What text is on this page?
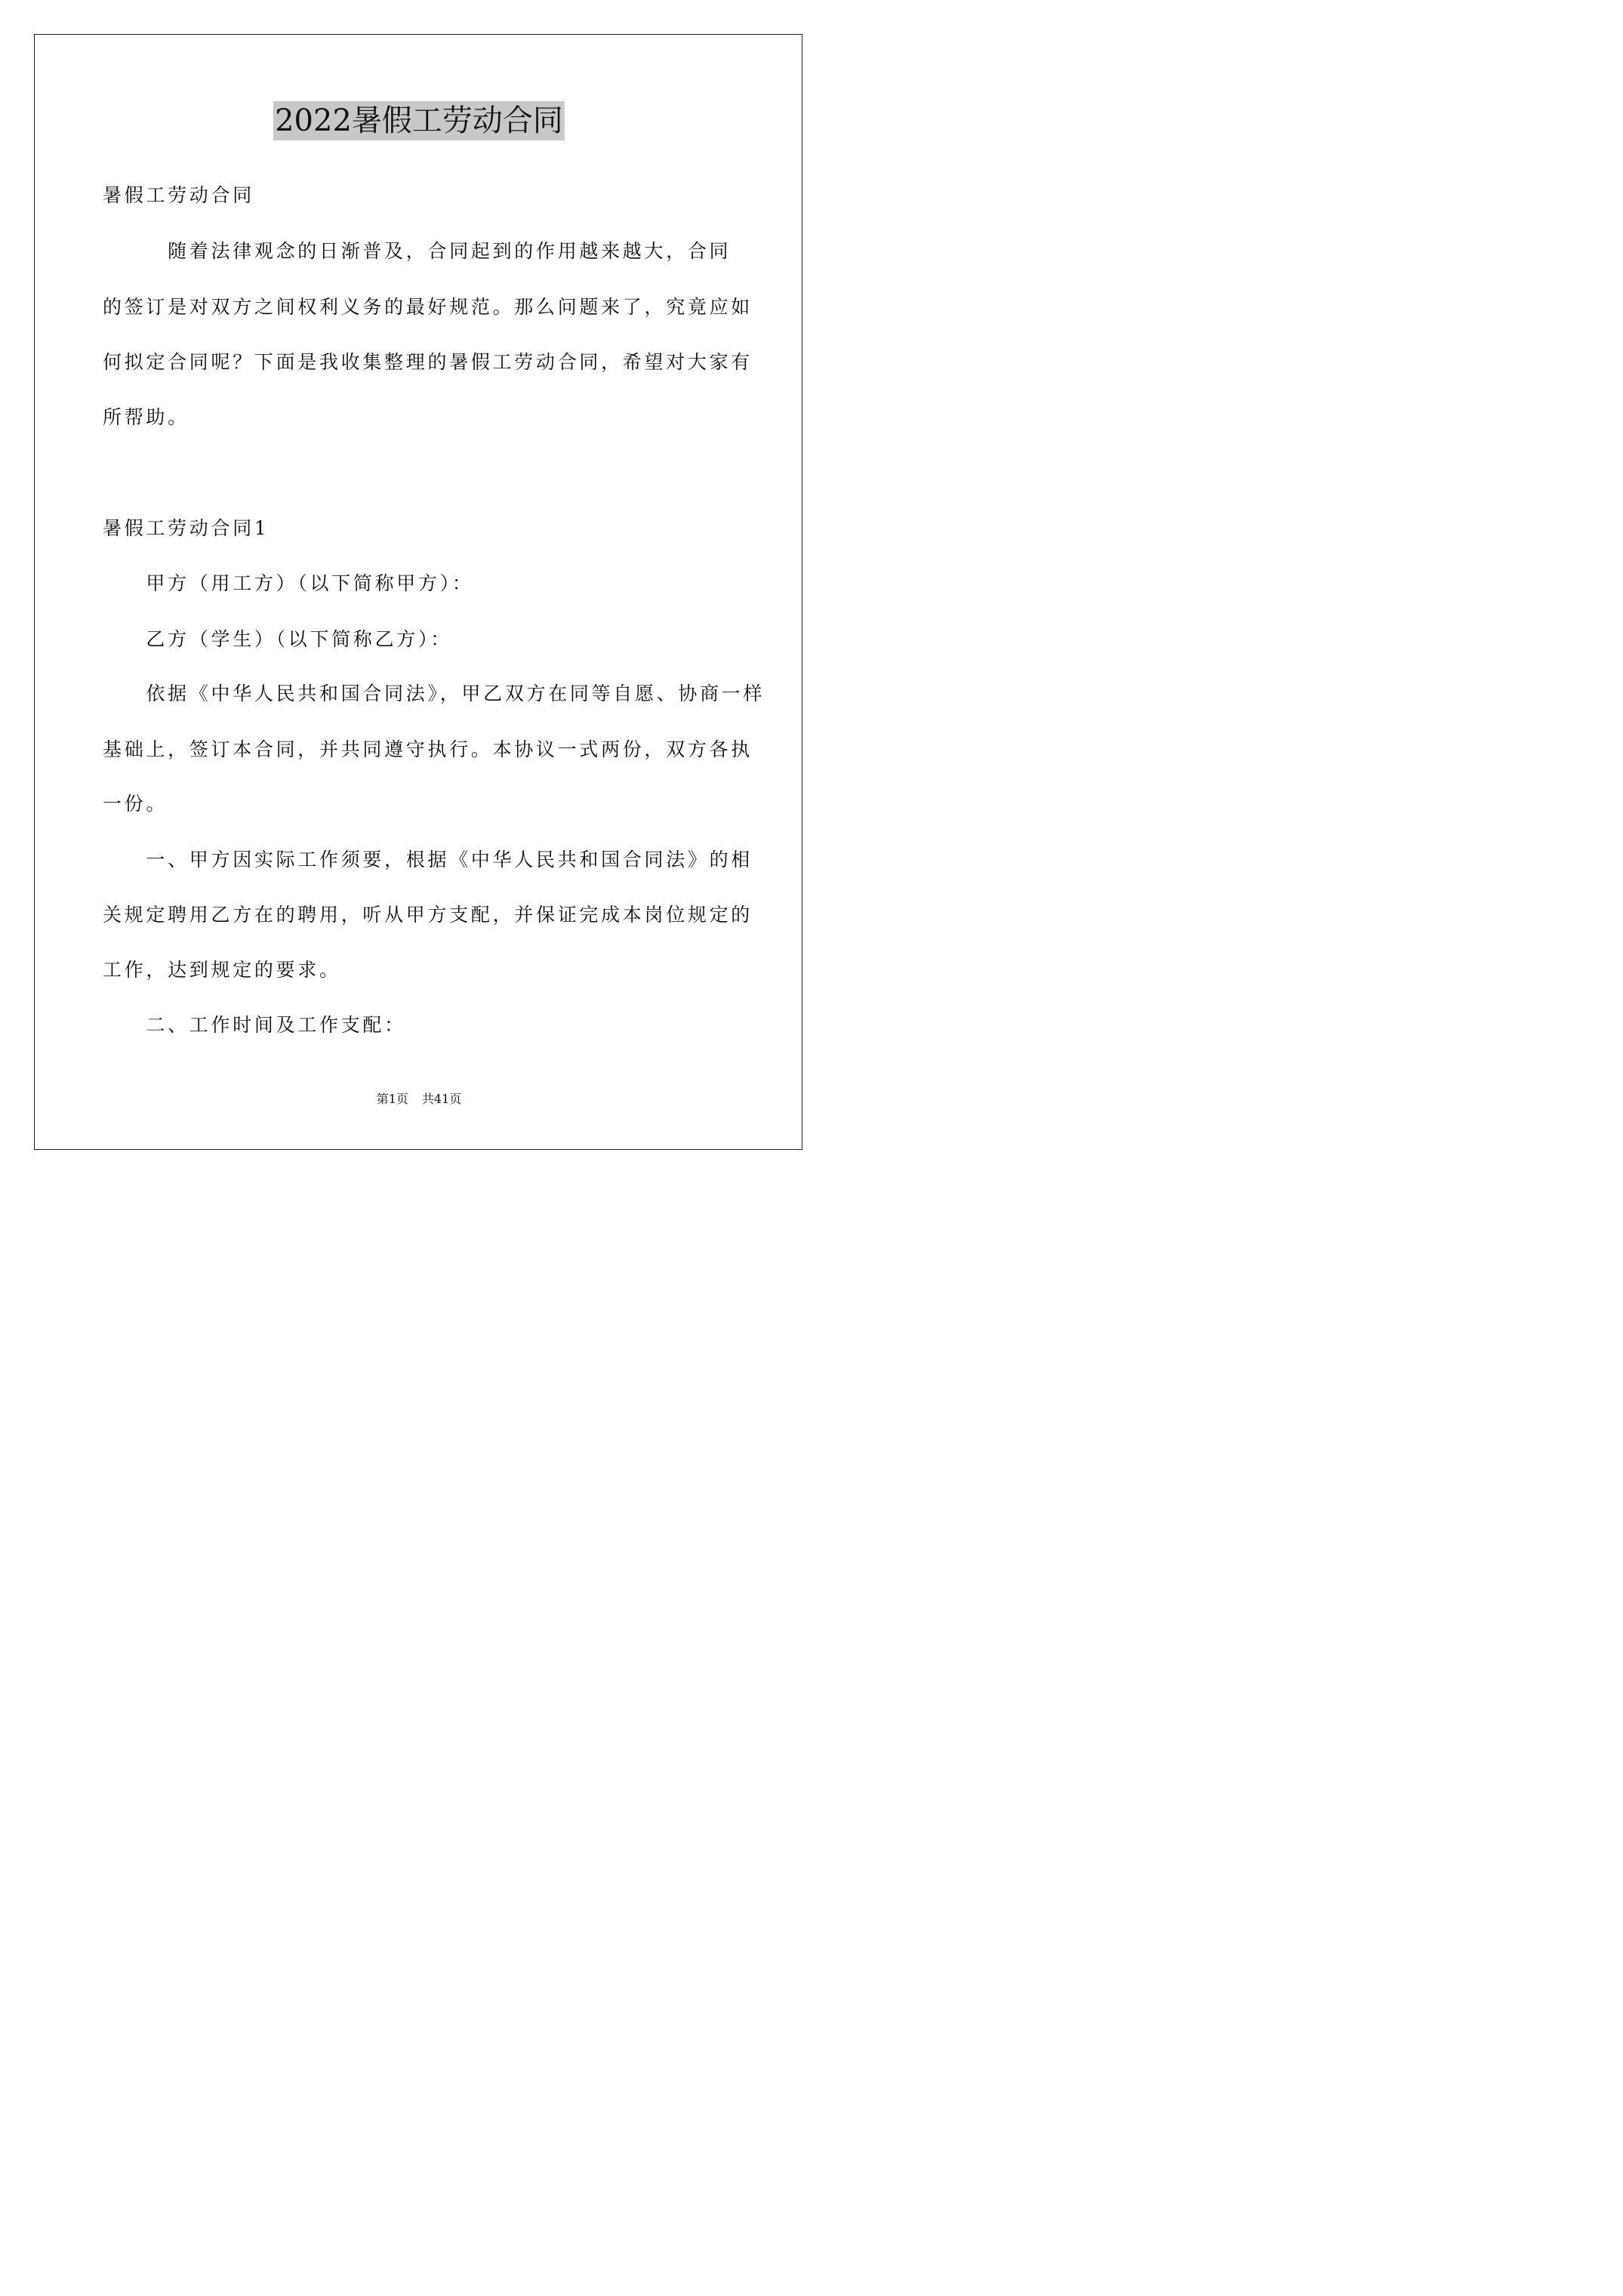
2022暑假工劳动合同
暑假工劳动合同
　　　随着法律观念的日渐普及，合同起到的作用越来越大，合同
的签订是对双方之间权利义务的最好规范。那么问题来了，究竟应如
何拟定合同呢？下面是我收集整理的暑假工劳动合同，希望对大家有
所帮助。
暑假工劳动合同1
　　甲方（用工方）（以下简称甲方）：
　　乙方（学生）（以下简称乙方）：
　　依据《中华人民共和国合同法》，甲乙双方在同等自愿、协商一样
基础上，签订本合同，并共同遵守执行。本协议一式两份，双方各执
一份。
　　一、甲方因实际工作须要，根据《中华人民共和国合同法》的相
关规定聘用乙方在的聘用，听从甲方支配，并保证完成本岗位规定的
工作，达到规定的要求。
　　二、工作时间及工作支配：
第1页 共41页
